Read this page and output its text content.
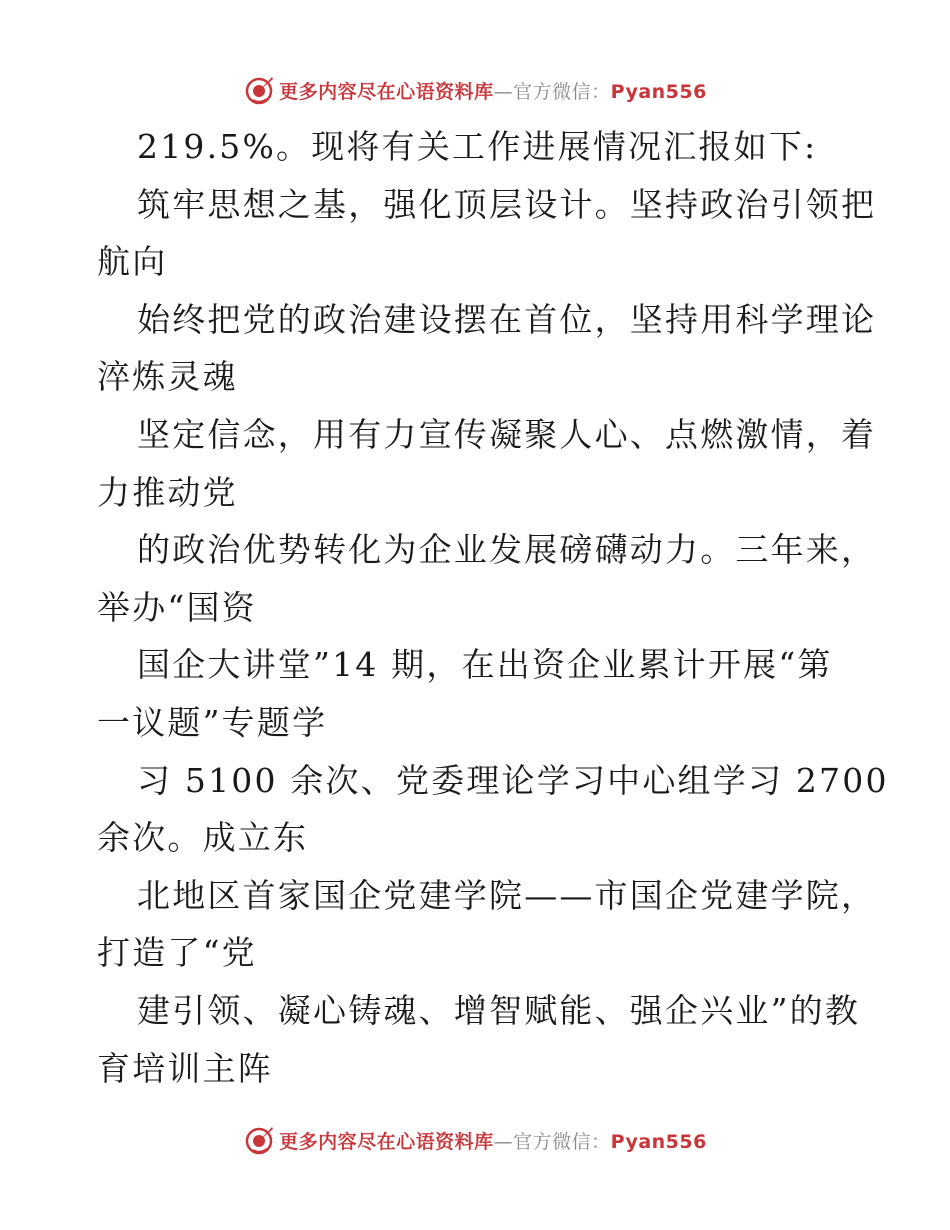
更多内容尽在心语资料库—官方微信：Pyan556
219.5%。现将有关工作进展情况汇报如下:
筑牢思想之基，强化顶层设计。坚持政治引领把
航向
始终把党的政治建设摆在首位，坚持用科学理论
淬炼灵魂
坚定信念，用有力宣传凝聚人心、点燃激情，着
力推动党
的政治优势转化为企业发展磅礴动力。三年来，
举办“国资
国企大讲堂”14 期，在出资企业累计开展“第
一议题”专题学
习 5100 余次、党委理论学习中心组学习 2700
余次。成立东
北地区首家国企党建学院——市国企党建学院，
打造了“党
建引领、凝心铸魂、增智赋能、强企兴业”的教
育培训主阵
更多内容尽在心语资料库—官方微信：Pyan556
